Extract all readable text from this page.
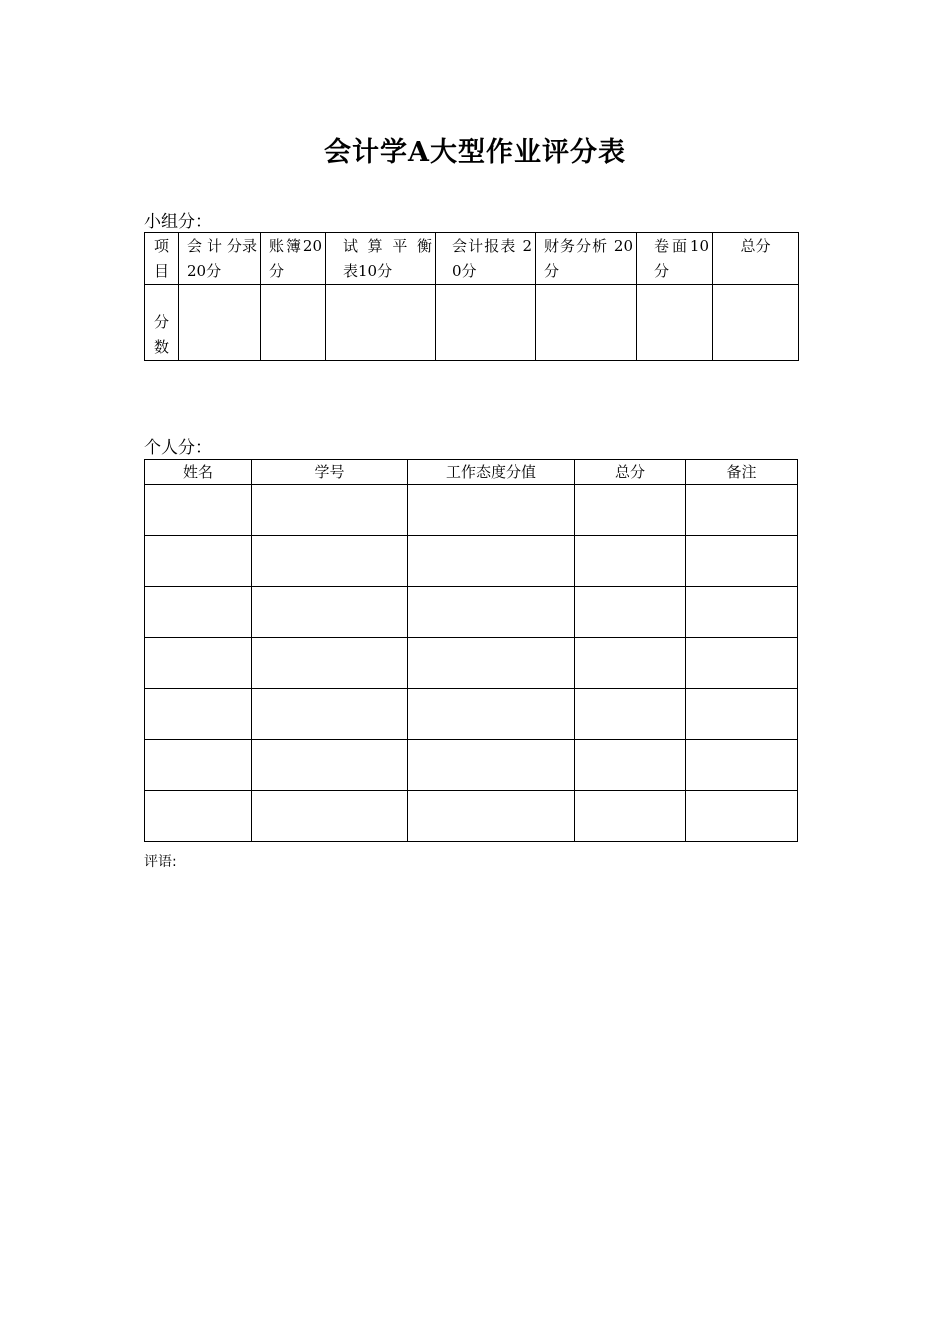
会计学A大型作业评分表
小组分：
项目	会 计 分录20分	账簿20分	试 算 平 衡表10分	会计报表 20分	财务分析 20分	卷面10分	总分
分数							
个人分：
姓名	学号	工作态度分值	总分	备注

评语:
